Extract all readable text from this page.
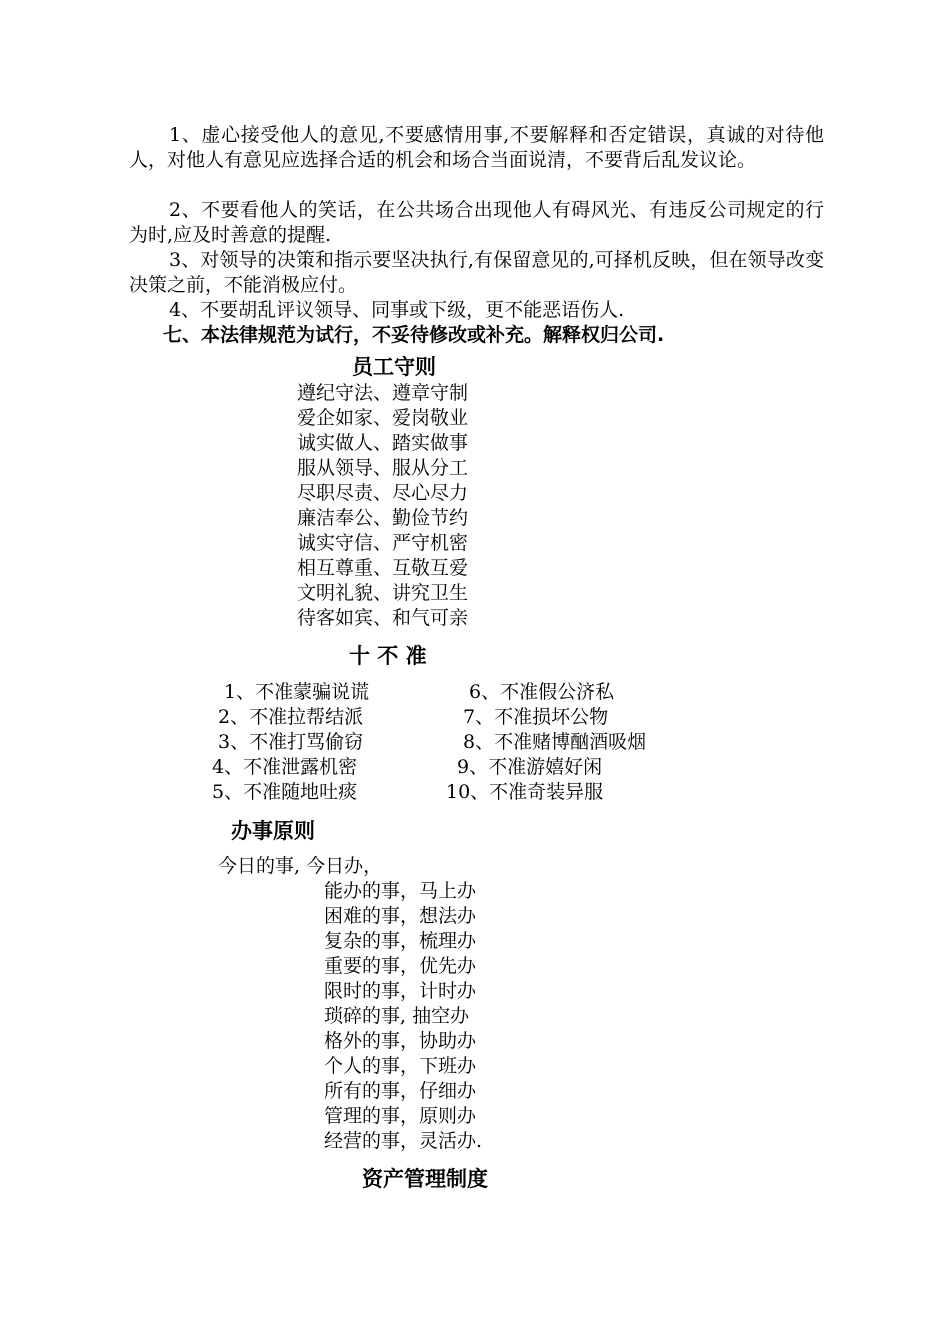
1、虚心接受他人的意见,不要感情用事,不要解释和否定错误，真诚的对待他人，对他人有意见应选择合适的机会和场合当面说清，不要背后乱发议论。
2、不要看他人的笑话，在公共场合出现他人有碍风光、有违反公司规定的行为时,应及时善意的提醒.
3、对领导的决策和指示要坚决执行,有保留意见的,可择机反映，但在领导改变决策之前，不能消极应付。
4、不要胡乱评议领导、同事或下级，更不能恶语伤人.
七、本法律规范为试行，不妥待修改或补充。解释权归公司.
员工守则
遵纪守法、遵章守制
爱企如家、爱岗敬业
诚实做人、踏实做事
服从领导、服从分工
尽职尽责、尽心尽力
廉洁奉公、勤俭节约
诚实守信、严守机密
相互尊重、互敬互爱
文明礼貌、讲究卫生
待客如宾、和气可亲
十 不 准
1、不准蒙骗说谎
2、不准拉帮结派
3、不准打骂偷窃
4、不准泄露机密
5、不准随地吐痰
6、不准假公济私
7、不准损坏公物
8、不准赌博酗酒吸烟
9、不准游嬉好闲
10、不准奇装异服
办事原则
今日的事, 今日办，
能办的事，马上办
困难的事，想法办
复杂的事，梳理办
重要的事，优先办
限时的事，计时办
琐碎的事, 抽空办
格外的事，协助办
个人的事，下班办
所有的事，仔细办
管理的事，原则办
经营的事，灵活办.
资产管理制度
